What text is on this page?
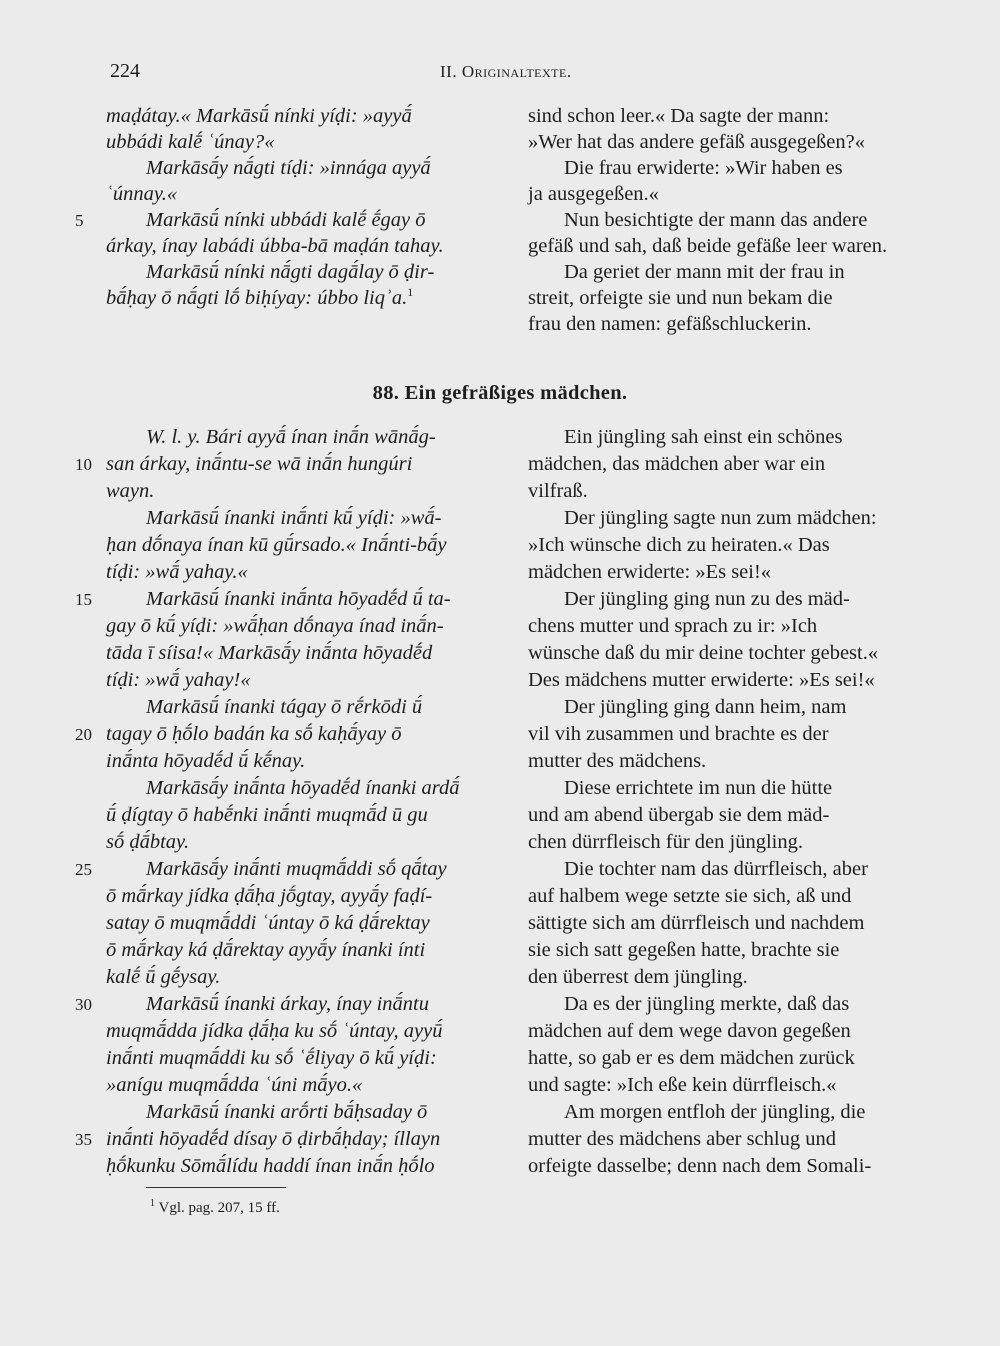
224	II. Originaltexte.
maḍátay.« Markāsū́ nínki yíḍi: »ayyā́
ubbádi kalḗ ʿúnay?«
Markāsā́y nā́gti tíḍi: »innága ayyā́
ʿúnnay.«
Markāsū́ nínki ubbádi kalḗ ḗgay ō
árkay, ínay labádi úbba-bā maḍán tahay.
Markāsū́ nínki nā́gti dagā́lay ō ḍir-
bā́ḥay ō nā́gti lṓ biḥíyay: úbbo liqʾa.$^1$
sind schon leer.« Da sagte der mann:
»Wer hat das andere gefäß ausgegeßen?«
Die frau erwiderte: »Wir haben es
ja ausgegeßen.«
Nun besichtigte der mann das andere
gefäß und sah, daß beide gefäße leer waren.
Da geriet der mann mit der frau in
streit, orfeigte sie und nun bekam die
frau den namen: gefäßschluckerin.
88. Ein gefräßiges mädchen.
W. l. y. Bári ayyā́ ínan inā́n wānā́g-
san árkay, inā́ntu-se wā inā́n hungúri
wayn.
Markāsū́ ínanki inā́nti kū́ yíḍi: »wā́-
ḥan dṓnaya ínan kū gū́rsado.« Inā́nti-bā́y
tíḍi: »wā́ yahay.«
Markāsū́ ínanki inā́nta hōyadḗd ū́ ta-
gay ō kū́ yíḍi: »wā́ḥan dṓnaya ínad inā́n-
tāda ī síisa!« Markāsā́y inā́nta hōyadḗd
tíḍi: »wā́ yahay!«
Markāsū́ ínanki tágay ō rḗrkōdi ū́
tagay ō ḥṓlo badán ka sṓ kaḥā́yay ō
inā́nta hōyadḗd ū́ kḗnay.
Markāsā́y inā́nta hōyadḗd ínanki ardā́
ū́ ḍígtay ō habḗnki inā́nti muqmā́d ū gu
sṓ ḍā́btay.
Markāsā́y inā́nti muqmā́ddi sṓ qā́tay
ō mā́rkay jídka ḍā́ḥa jṓgtay, ayyā́y faḍí-
satay ō muqmā́ddi ʿúntay ō ká ḍā́rektay
ō mā́rkay ká ḍā́rektay ayyā́y ínanki ínti
kalḗ ū́ gḗysay.
Markāsū́ ínanki árkay, ínay inā́ntu
muqmā́dda jídka ḍā́ḥa ku sṓ ʿúntay, ayyū́
inā́nti muqmā́ddi ku sṓ ʿḗliyay ō kū́ yíḍi:
»anígu muqmā́dda ʿúni mā́yo.«
Markāsū́ ínanki arṓrti bā́ḥsaday ō
inā́nti hōyadḗd dísay ō ḍirbā́ḥday; íllayn
ḥṓkunku Sōmā́lídu haddí ínan inā́n ḥṓlo
Ein jüngling sah einst ein schönes
mädchen, das mädchen aber war ein
vilfraß.
Der jüngling sagte nun zum mädchen:
»Ich wünsche dich zu heiraten.« Das
mädchen erwiderte: »Es sei!«
Der jüngling ging nun zu des mäd-
chens mutter und sprach zu ir: »Ich
wünsche daß du mir deine tochter gebest.«
Des mädchens mutter erwiderte: »Es sei!«
Der jüngling ging dann heim, nam
vil vih zusammen und brachte es der
mutter des mädchens.
Diese errichtete im nun die hütte
und am abend übergab sie dem mäd-
chen dürrfleisch für den jüngling.
Die tochter nam das dürrfleisch, aber
auf halbem wege setzte sie sich, aß und
sättigte sich am dürrfleisch und nachdem
sie sich satt gegeßen hatte, brachte sie
den überrest dem jüngling.
Da es der jüngling merkte, daß das
mädchen auf dem wege davon gegeßen
hatte, so gab er es dem mädchen zurück
und sagte: »Ich eße kein dürrfleisch.«
Am morgen entfloh der jüngling, die
mutter des mädchens aber schlug und
orfeigte dasselbe; denn nach dem Somali-
5
10
15
20
25
30
35
$^1$ Vgl. pag. 207, 15 ff.
